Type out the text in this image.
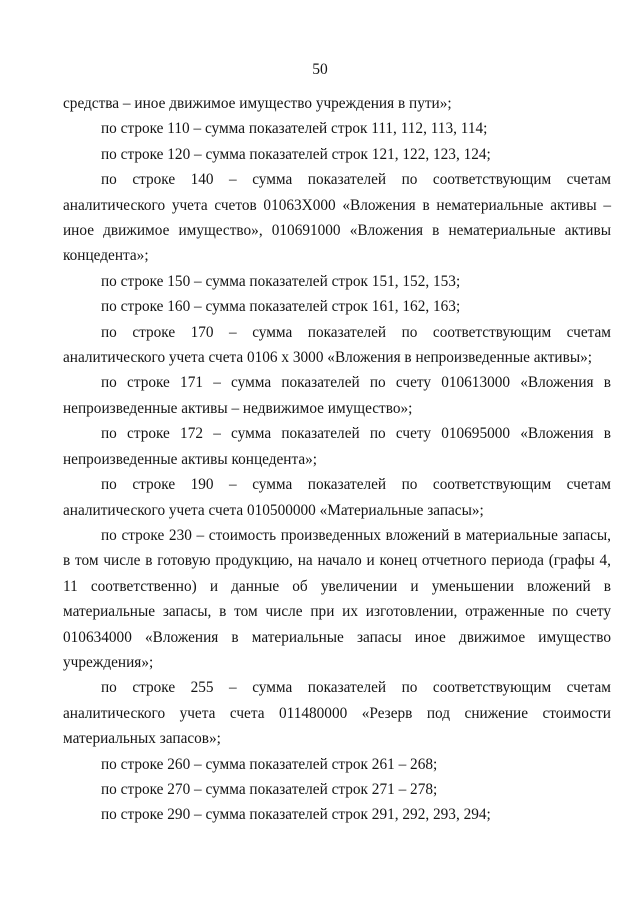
50

средства – иное движимое имущество учреждения в пути»;

по строке 110 – сумма показателей строк 111, 112, 113, 114;

по строке 120 – сумма показателей строк 121, 122, 123, 124;

по строке 140 – сумма показателей по соответствующим счетам аналитического учета счетов 01063Х000 «Вложения в нематериальные активы – иное движимое имущество», 010691000 «Вложения в нематериальные активы концедента»;

по строке 150 – сумма показателей строк 151, 152, 153;

по строке 160 – сумма показателей строк 161, 162, 163;

по строке 170 – сумма показателей по соответствующим счетам аналитического учета счета 0106 х 3000 «Вложения в непроизведенные активы»;

по строке 171 – сумма показателей по счету 010613000 «Вложения в непроизведенные активы – недвижимое имущество»;

по строке 172 – сумма показателей по счету 010695000 «Вложения в непроизведенные активы концедента»;

по строке 190 – сумма показателей по соответствующим счетам аналитического учета счета 010500000 «Материальные запасы»;

по строке 230 – стоимость произведенных вложений в материальные запасы, в том числе в готовую продукцию, на начало и конец отчетного периода (графы 4, 11 соответственно) и данные об увеличении и уменьшении вложений в материальные запасы, в том числе при их изготовлении, отраженные по счету 010634000 «Вложения в материальные запасы иное движимое имущество учреждения»;

по строке 255 – сумма показателей по соответствующим счетам аналитического учета счета 011480000 «Резерв под снижение стоимости материальных запасов»;

по строке 260 – сумма показателей строк 261 – 268;

по строке 270 – сумма показателей строк 271 – 278;

по строке 290 – сумма показателей строк 291, 292, 293, 294;
